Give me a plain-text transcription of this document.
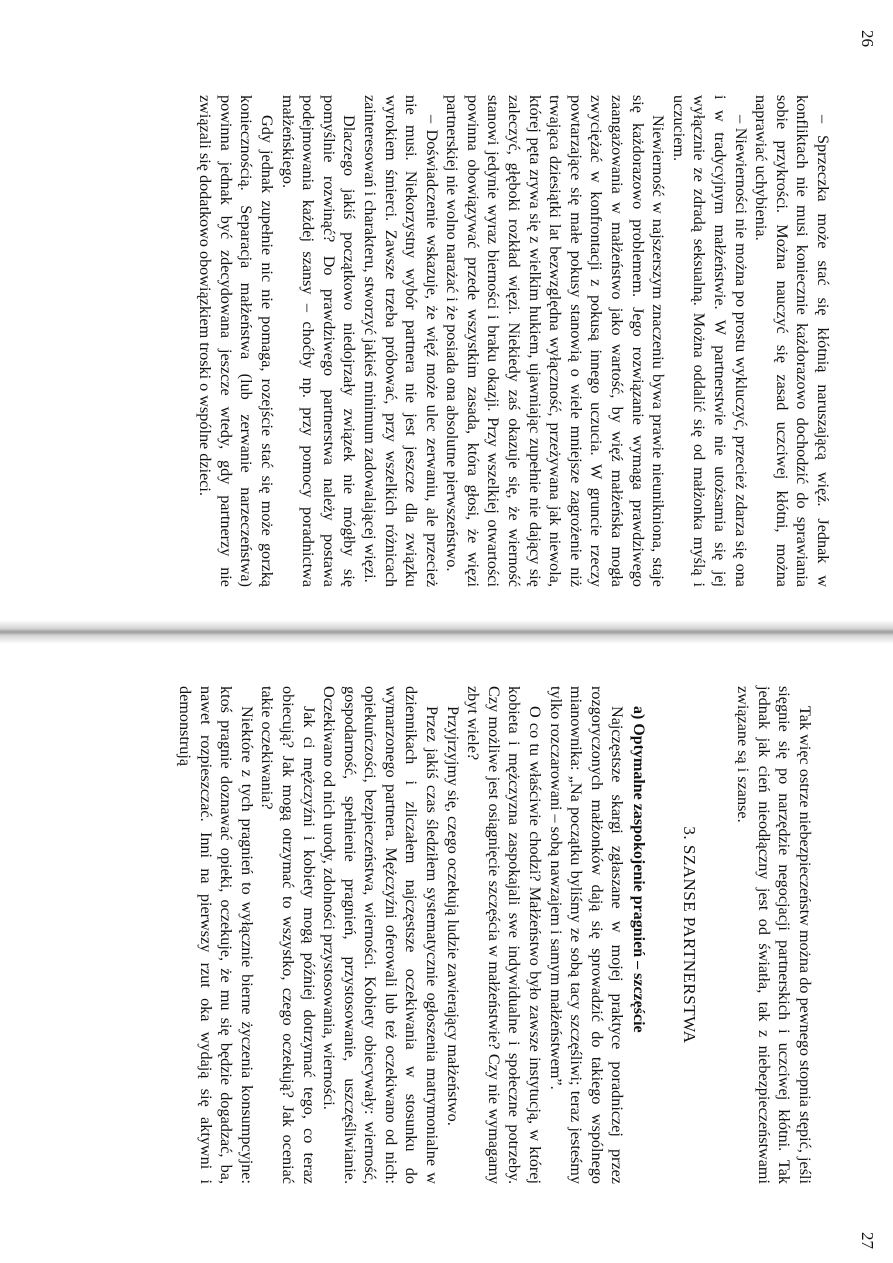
26
27

– Sprzeczka może stać się kłótnią naruszającą więź. Jednak w konfliktach nie musi koniecznie każdorazowo dochodzić do sprawiania sobie przykrości. Można nauczyć się zasad uczciwej kłótni, można naprawiać uchybienia.

– Niewierności nie można po prostu wykluczyć, przecież zdarza się ona i w tradycyjnym małżeństwie. W partnerstwie nie utożsamia się jej wyłącznie ze zdradą seksualną. Można oddalić się od małżonka myślą i uczuciem.

Niewierność w najszerszym znaczeniu bywa prawie nieunikniona, staje się każdorazowo problemem. Jego rozwiązanie wymaga prawdziwego zaangażowania w małżeństwo jako wartość, by więź małżeńska mogła zwyciężać w konfrontacji z pokusą innego uczucia. W gruncie rzeczy powtarzające się małe pokusy stanowią o wiele mniejsze zagrożenie niż trwająca dziesiątki lat bezwzględna wyłączność, przeżywana jak niewola, której pęta zrywa się z wielkim hukiem, ujawniając zupełnie nie dający się zaleczyć, głęboki rozkład więzi. Niekiedy zaś okazuje się, że wierność stanowi jedynie wyraz bierności i braku okazji. Przy wszelkiej otwartości powinna obowiązywać przede wszystkim zasada, która głosi, że więzi partnerskiej nie wolno narażać i że posiada ona absolutne pierwszeństwo.

– Doświadczenie wskazuje, że więź może ulec zerwaniu, ale przecież nie musi. Niekorzystny wybór partnera nie jest jeszcze dla związku wyrokiem śmierci. Zawsze trzeba próbować, przy wszelkich różnicach zainteresowań i charakteru, stworzyć jakieś minimum zadowalającej więzi.

Dlaczego jakiś początkowo niedojrzały związek nie mógłby się pomyślnie rozwinąć? Do prawdziwego partnerstwa należy postawa podejmowania każdej szansy – choćby np. przy pomocy poradnictwa małżeńskiego.

Gdy jednak zupełnie nic nie pomaga, rozejście stać się może gorzką koniecznością. Separacja małżeństwa (lub zerwanie narzeczeństwa) powinna jednak być zdecydowana jeszcze wtedy, gdy partnerzy nie związali się dodatkowo obowiązkiem troski o wspólne dzieci.

Tak więc ostrze niebezpieczeństw można do pewnego stopnia stępić, jeśli sięgnie się po narzędzie negocjacji partnerskich i uczciwej kłótni. Tak jednak jak cień nieodłączny jest od światła, tak z niebezpieczeństwami związane są i szanse.

3. SZANSE PARTNERSTWA

a) Optymalne zaspokojenie pragnień – szczęście

Najczęstsze skargi zgłaszane w mojej praktyce poradniczej przez rozgoryczonych małżonków dają się sprowadzić do takiego wspólnego mianownika: „Na początku byliśmy ze sobą tacy szczęśliwi; teraz jesteśmy tylko rozczarowani – sobą nawzajem i samym małżeństwem”.

O co tu właściwie chodzi? Małżeństwo było zawsze instytucją, w której kobieta i mężczyzna zaspokajali swe indywidualne i społeczne potrzeby. Czy możliwe jest osiągnięcie szczęścia w małżeństwie? Czy nie wymagamy zbyt wiele?

Przyjrzyjmy się, czego oczekują ludzie zawierający małżeństwo.

Przez jakiś czas śledziłem systematycznie ogłoszenia matrymonialne w dziennikach i zliczałem najczęstsze oczekiwania w stosunku do wymarzonego partnera. Mężczyźni oferowali lub też oczekiwano od nich: opiekuńczości, bezpieczeństwa, wierności. Kobiety obiecywały: wierność, gospodarność, spełnienie pragnień, przystosowanie, uszczęśliwianie. Oczekiwano od nich urody, zdolności przystosowania, wierności.

Jak ci mężczyźni i kobiety mogą później dotrzymać tego, co teraz obiecują? Jak mogą otrzymać to wszystko, czego oczekują? Jak oceniać takie oczekiwania?

Niektóre z tych pragnień to wyłącznie bierne życzenia konsumpcyjne: ktoś pragnie doznawać opieki, oczekuje, że mu się będzie dogadzać, ba, nawet rozpieszczać. Inni na pierwszy rzut oka wydają się aktywni i demonstrują
